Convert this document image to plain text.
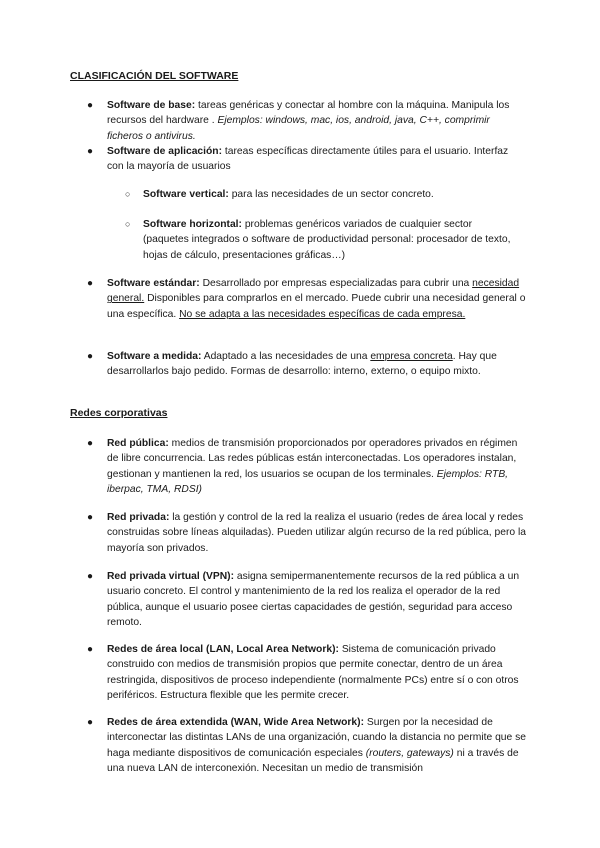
CLASIFICACIÓN DEL SOFTWARE
● Software de base: tareas genéricas y conectar al hombre con la máquina. Manipula los recursos del hardware . Ejemplos: windows, mac, ios, android, java, C++, comprimir ficheros o antivirus.
● Software de aplicación: tareas específicas directamente útiles para el usuario. Interfaz con la mayoría de usuarios
○ Software vertical: para las necesidades de un sector concreto.
○ Software horizontal: problemas genéricos variados de cualquier sector (paquetes integrados o software de productividad personal: procesador de texto, hojas de cálculo, presentaciones gráficas…)
● Software estándar: Desarrollado por empresas especializadas para cubrir una necesidad general. Disponibles para comprarlos en el mercado. Puede cubrir una necesidad general o una específica. No se adapta a las necesidades específicas de cada empresa.
● Software a medida: Adaptado a las necesidades de una empresa concreta. Hay que desarrollarlos bajo pedido. Formas de desarrollo: interno, externo, o equipo mixto.
Redes corporativas
● Red pública: medios de transmisión proporcionados por operadores privados en régimen de libre concurrencia. Las redes públicas están interconectadas. Los operadores instalan, gestionan y mantienen la red, los usuarios se ocupan de los terminales. Ejemplos: RTB, iberpac, TMA, RDSI)
● Red privada: la gestión y control de la red la realiza el usuario (redes de área local y redes construidas sobre líneas alquiladas). Pueden utilizar algún recurso de la red pública, pero la mayoría son privados.
● Red privada virtual (VPN): asigna semipermanentemente recursos de la red pública a un usuario concreto. El control y mantenimiento de la red los realiza el operador de la red pública, aunque el usuario posee ciertas capacidades de gestión, seguridad para acceso remoto.
● Redes de área local (LAN, Local Area Network): Sistema de comunicación privado construido con medios de transmisión propios que permite conectar, dentro de un área restringida, dispositivos de proceso independiente (normalmente PCs) entre sí o con otros periféricos. Estructura flexible que les permite crecer.
● Redes de área extendida (WAN, Wide Area Network): Surgen por la necesidad de interconectar las distintas LANs de una organización, cuando la distancia no permite que se haga mediante dispositivos de comunicación especiales (routers, gateways) ni a través de una nueva LAN de interconexión. Necesitan un medio de transmisión
